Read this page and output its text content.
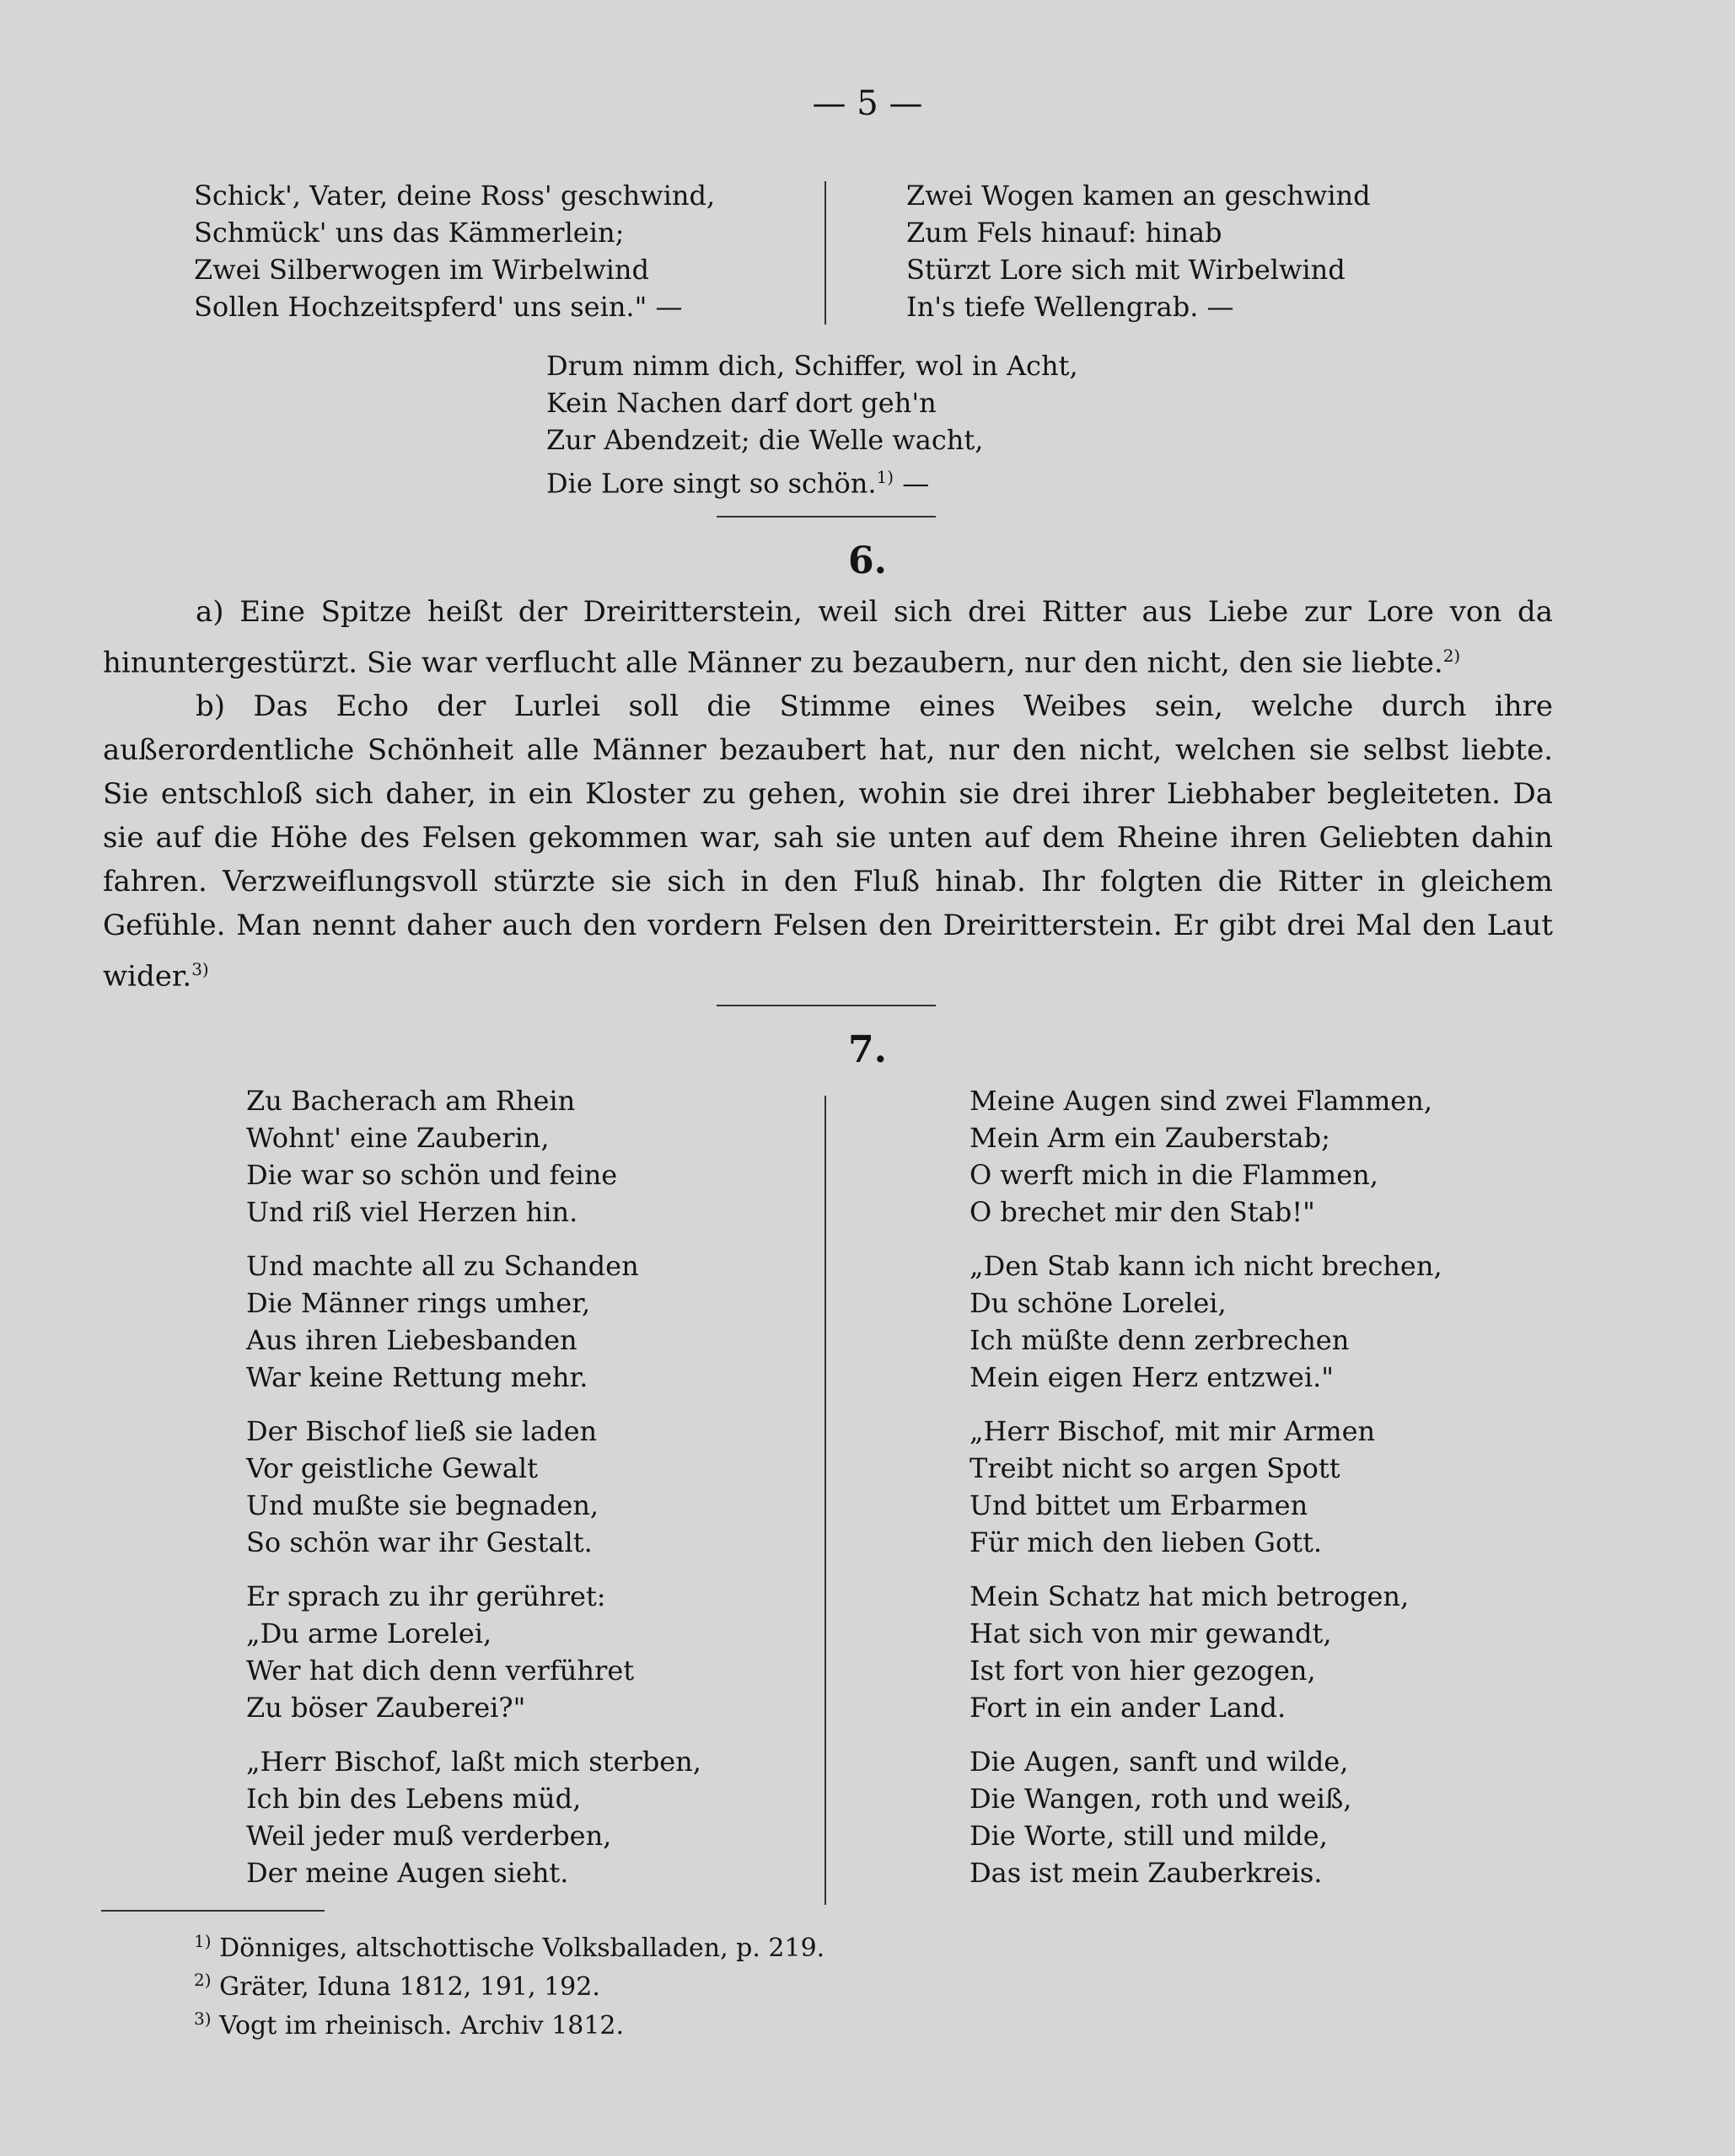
— 5 —
Schick', Vater, deine Ross' geschwind,
Schmück' uns das Kämmerlein;
Zwei Silberwogen im Wirbelwind
Sollen Hochzeitspferd' uns sein." —
Zwei Wogen kamen an geschwind
Zum Fels hinauf: hinab
Stürzt Lore sich mit Wirbelwind
In's tiefe Wellengrab. —
Drum nimm dich, Schiffer, wol in Acht,
Kein Nachen darf dort geh'n
Zur Abendzeit; die Welle wacht,
Die Lore singt so schön.$^{1)}$ —
6.

a) Eine Spitze heißt der Dreiritterstein, weil sich drei Ritter aus Liebe zur Lore von da hinuntergestürzt. Sie war verflucht alle Männer zu bezaubern, nur den nicht, den sie liebte.$^{2)}$

b) Das Echo der Lurlei soll die Stimme eines Weibes sein, welche durch ihre außerordentliche Schönheit alle Männer bezaubert hat, nur den nicht, welchen sie selbst liebte. Sie entschloß sich daher, in ein Kloster zu gehen, wohin sie drei ihrer Liebhaber begleiteten. Da sie auf die Höhe des Felsen gekommen war, sah sie unten auf dem Rheine ihren Geliebten dahin fahren. Verzweiflungsvoll stürzte sie sich in den Fluß hinab. Ihr folgten die Ritter in gleichem Gefühle. Man nennt daher auch den vordern Felsen den Dreiritterstein. Er gibt drei Mal den Laut wider.$^{3)}$

7.
Zu Bacherach am Rhein
Wohnt' eine Zauberin,
Die war so schön und feine
Und riß viel Herzen hin.
Und machte all zu Schanden
Die Männer rings umher,
Aus ihren Liebesbanden
War keine Rettung mehr.
Der Bischof ließ sie laden
Vor geistliche Gewalt
Und mußte sie begnaden,
So schön war ihr Gestalt.
Er sprach zu ihr gerühret:
„Du arme Lorelei,
Wer hat dich denn verführet
Zu böser Zauberei?"
„Herr Bischof, laßt mich sterben,
Ich bin des Lebens müd,
Weil jeder muß verderben,
Der meine Augen sieht.
Meine Augen sind zwei Flammen,
Mein Arm ein Zauberstab;
O werft mich in die Flammen,
O brechet mir den Stab!"
„Den Stab kann ich nicht brechen,
Du schöne Lorelei,
Ich müßte denn zerbrechen
Mein eigen Herz entzwei."
„Herr Bischof, mit mir Armen
Treibt nicht so argen Spott
Und bittet um Erbarmen
Für mich den lieben Gott.
Mein Schatz hat mich betrogen,
Hat sich von mir gewandt,
Ist fort von hier gezogen,
Fort in ein ander Land.
Die Augen, sanft und wilde,
Die Wangen, roth und weiß,
Die Worte, still und milde,
Das ist mein Zauberkreis.
$^{1)}$ Dönniges, altschottische Volksballaden, p. 219.
$^{2)}$ Gräter, Iduna 1812, 191, 192.
$^{3)}$ Vogt im rheinisch. Archiv 1812.
